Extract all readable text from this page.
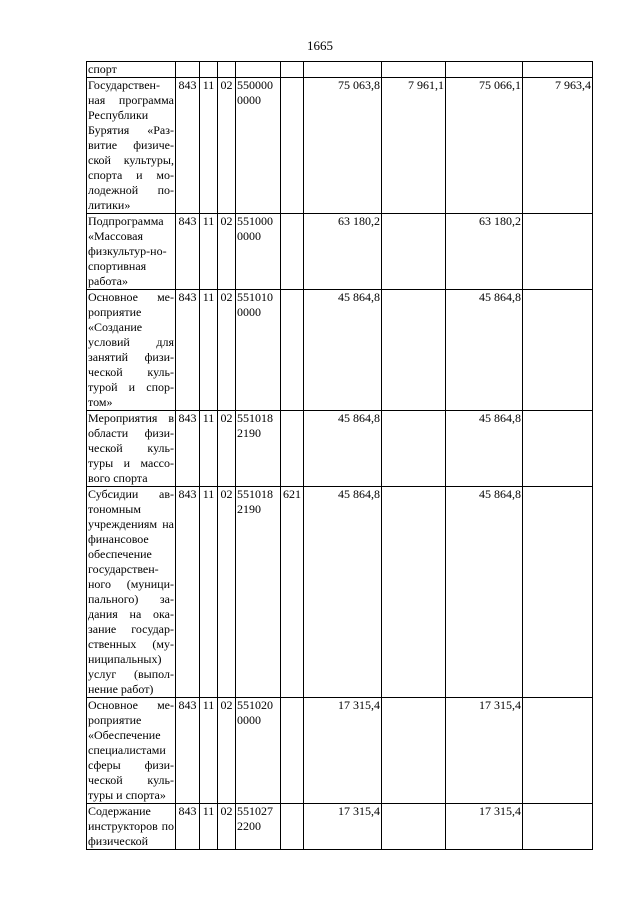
1665
спорт									
Государствен-ная программа Республики Бурятия «Раз-витие физиче-ской культуры, спорта и мо-лодежной по-литики»	843	11	02	550000 0000		75 063,8	7 961,1	75 066,1	7 963,4
Подпрограмма «Массовая физкультур-но-спортивная работа»	843	11	02	551000 0000		63 180,2		63 180,2	
Основное ме-роприятие «Создание условий для занятий физи-ческой куль-турой и спор-том»	843	11	02	551010 0000		45 864,8		45 864,8	
Мероприятия в области физи-ческой куль-туры и массо-вого спорта	843	11	02	551018 2190		45 864,8		45 864,8	
Субсидии ав-тономным учреждениям на финансовое обеспечение государствен-ного (муници-пального) за-дания на ока-зание государ-ственных (му-ниципальных) услуг (выпол-нение работ)	843	11	02	551018 2190	621	45 864,8		45 864,8	
Основное ме-роприятие «Обеспечение специалистами сферы физи-ческой куль-туры и спорта»	843	11	02	551020 0000		17 315,4		17 315,4	
Содержание инструкторов по физической	843	11	02	551027 2200		17 315,4		17 315,4	
